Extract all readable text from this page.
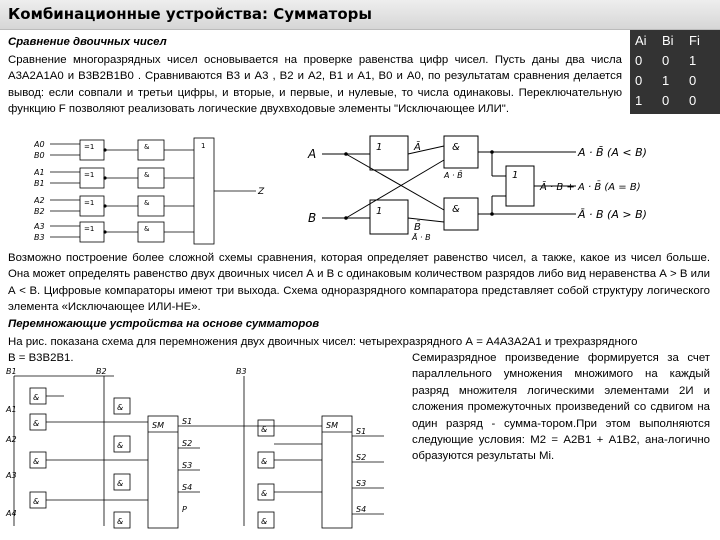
Комбинационные устройства: Сумматоры
Сравнение двоичных чисел
Сравнение многоразрядных чисел основывается на проверке равенства цифр чисел. Пусть даны два числа А3А2А1А0 и В3В2В1В0 . Сравниваются В3 и А3 , В2 и А2, В1 и А1, В0 и А0, по результатам сравнения делается вывод: если совпали и третьи цифры, и вторые, и первые, и нулевые, то числа одинаковы. Переключательную функцию F позволяют реализовать логические двухвходовые элементы "Исключающее ИЛИ".
Ai	Bi	Fi
0	0	1
0	1	0
1	0	0
1	1	1
A0
B0
A1
B1
A2
B2
A3
B3
=1
=1
=1
=1
&
&
&
&
1
Z
A
B
1
1
&
&
1
Ā
B̄
A · B̄
Ā · B
A · B̄ (A < B)
Ā · B + A · B̄ (A = B)
Ā · B (A > B)
Возможно построение более сложной схемы сравнения, которая определяет равенство чисел, а также, какое из чисел больше. Она может определять равенство двух двоичных чисел А и В с одинаковым количеством разрядов либо вид неравенства А > В или А < В. Цифровые компараторы имеют три выхода. Схема одноразрядного компаратора представляет собой структуру логического элемента «Исключающее ИЛИ-НЕ».
Перемножающие устройства на основе сумматоров
На рис. показана схема для перемножения двух двоичных чисел: четырехразрядного А = А4А3А2А1 и трехразрядного
В = В3В2В1.	Семиразрядное произведение формируется за счет параллельного умножения множимого на каждый разряд множителя логическими элементами 2И и сложения промежуточных произведений со сдвигом на один разряд - сумма-тором.При этом выполняются следующие условия: М2 = А2В1 + А1В2, ана-логично образуются результаты Мi.
B1	B2	B3
A1
A2
A3
A4
SM	SM
S1
S2
S3
S4
P
S1
S2
S3
S4
&
&
&
&
&
&
&
&
&
&
&
&
